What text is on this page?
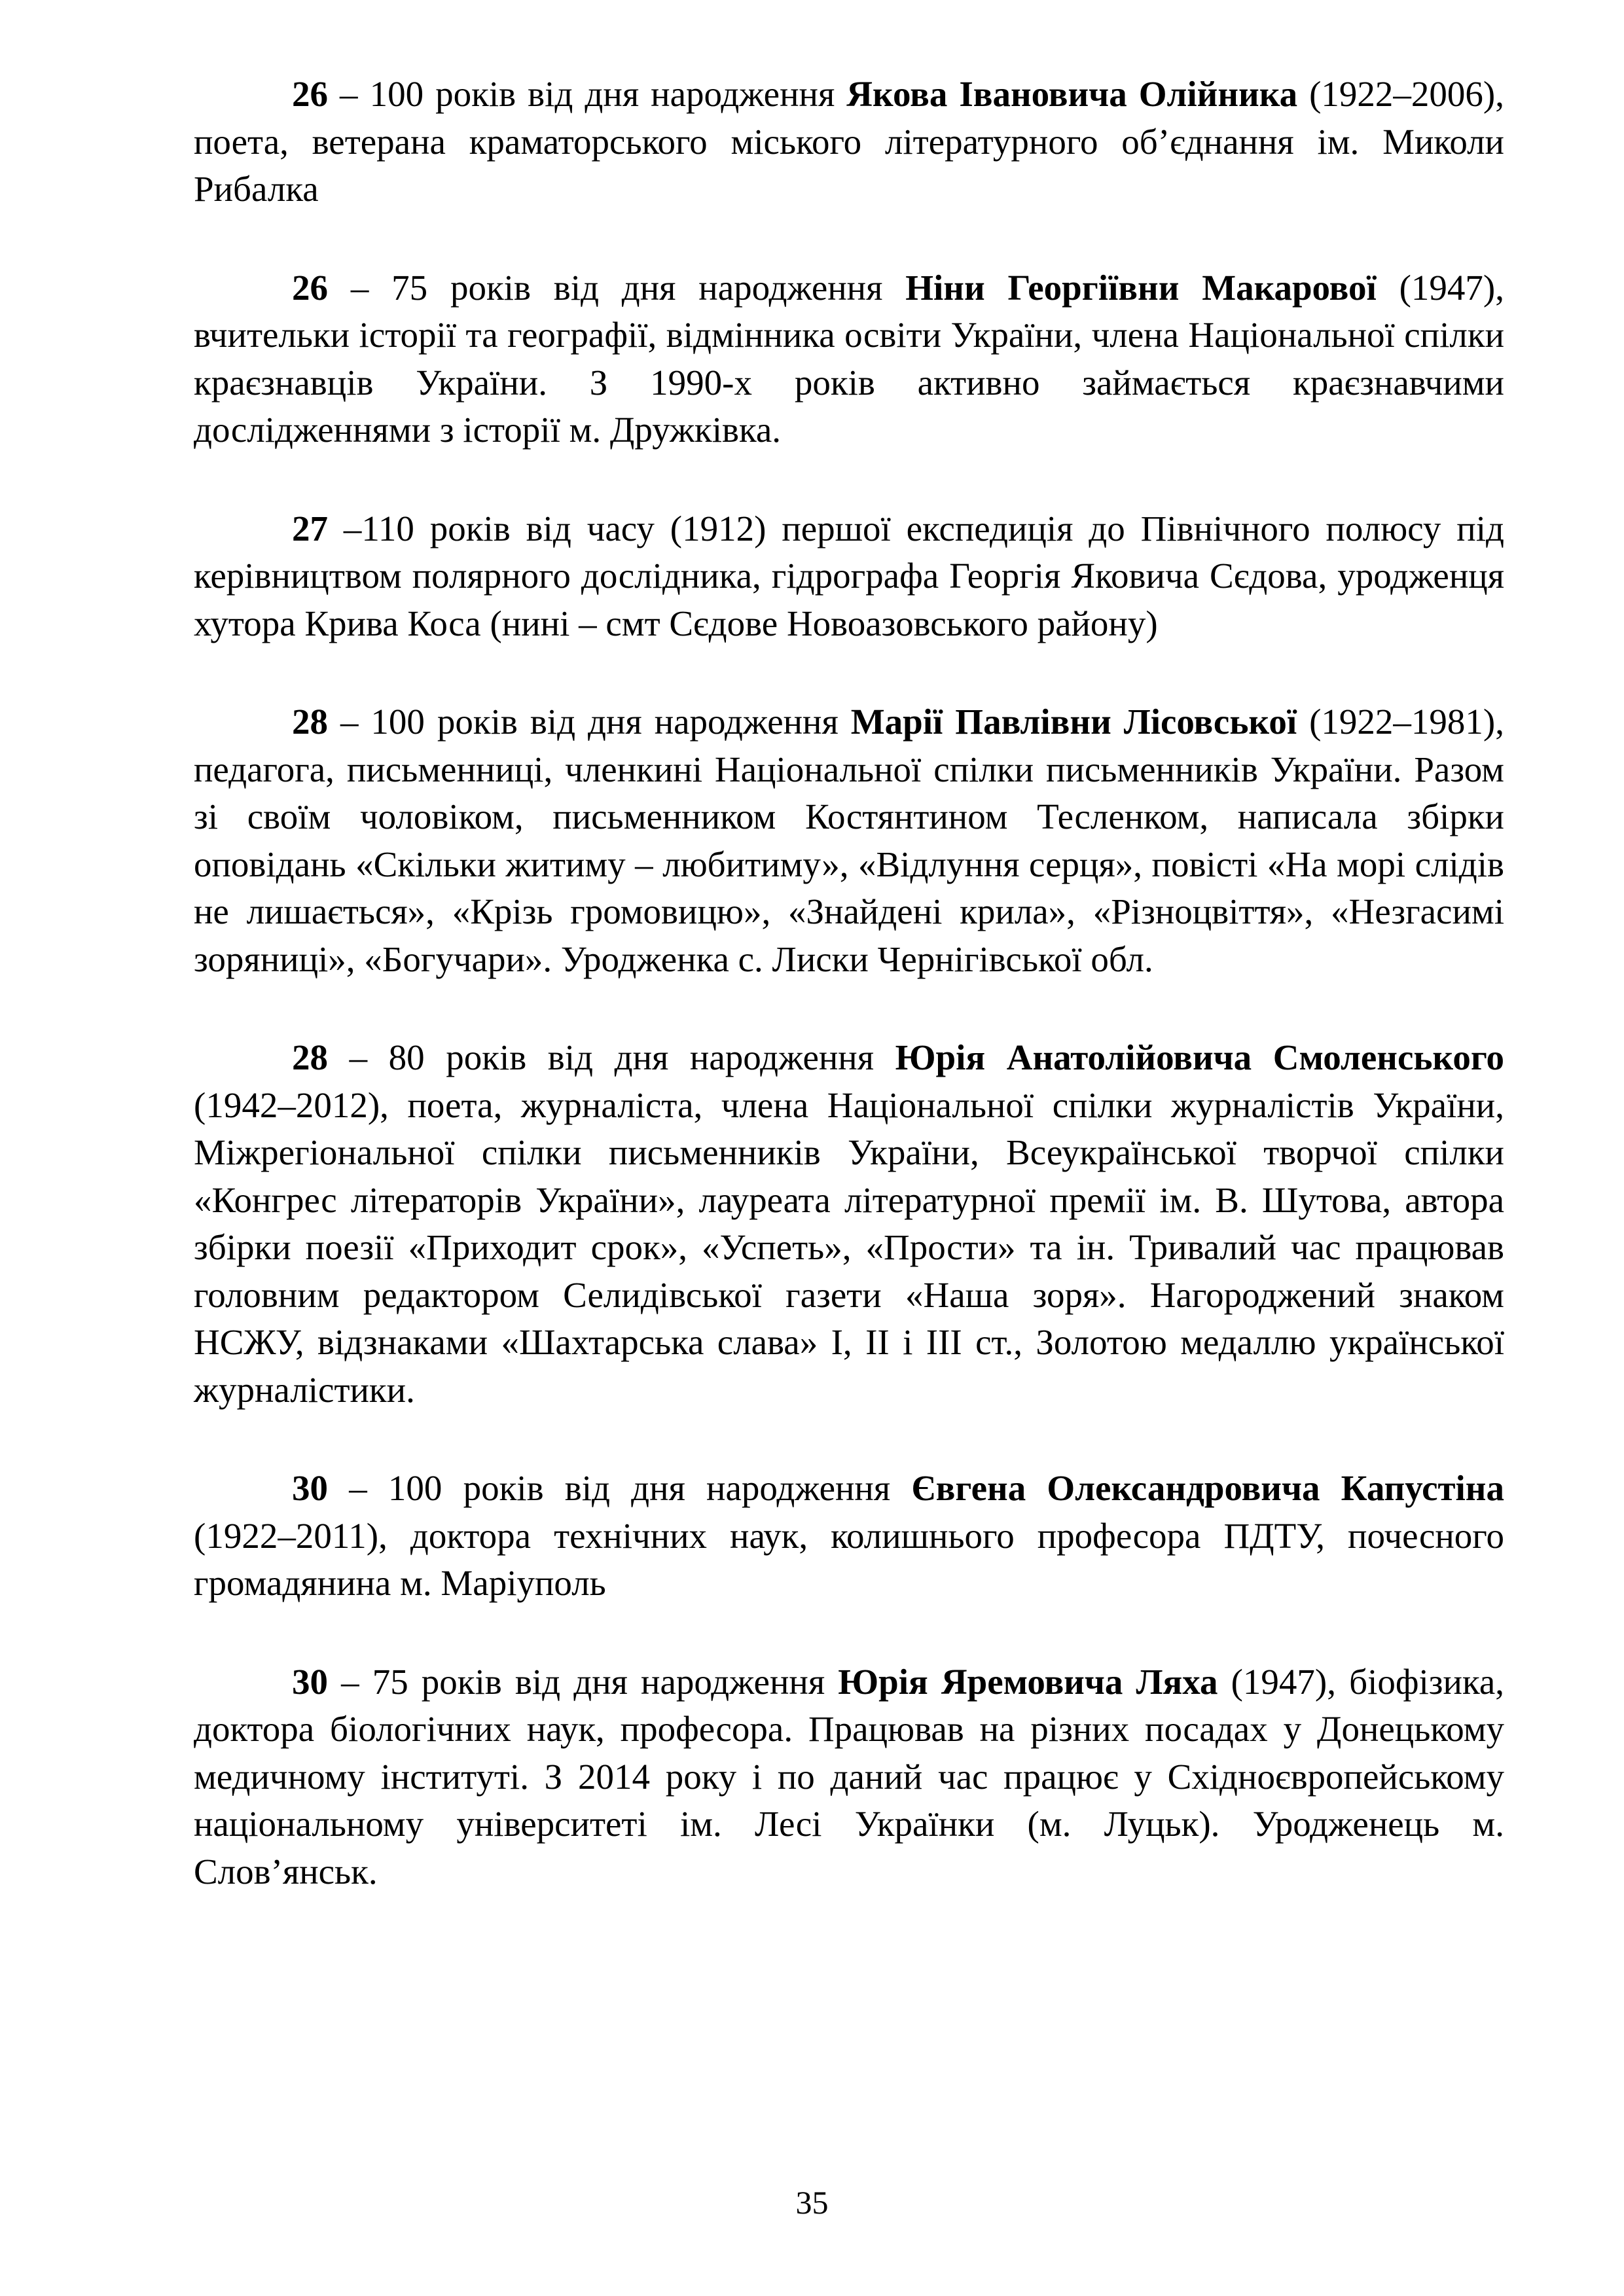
26 – 100 років від дня народження Якова Івановича Олійника (1922–2006), поета, ветерана краматорського міського літературного об’єднання ім. Миколи Рибалка

26 – 75 років від дня народження Ніни Георгіївни Макарової (1947), вчительки історії та географії, відмінника освіти України, члена Національної спілки краєзнавців України. З 1990-х років активно займається краєзнавчими дослідженнями з історії м. Дружківка.

27 –110 років від часу (1912) першої експедиція до Північного полюсу під керівництвом полярного дослідника, гідрографа Георгія Яковича Сєдова, уродженця хутора Крива Коса (нині – смт Сєдове Новоазовського району)

28 – 100 років від дня народження Марії Павлівни Лісовської (1922–1981), педагога, письменниці, членкині Національної спілки письменників України. Разом зі своїм чоловіком, письменником Костянтином Тесленком, написала збірки оповідань «Скільки житиму – любитиму», «Відлуння серця», повісті «На морі слідів не лишається», «Крізь громовицю», «Знайдені крила», «Різноцвіття», «Незгасимі зоряниці», «Богучари». Уродженка с. Лиски Чернігівської обл.

28 – 80 років від дня народження Юрія Анатолійовича Смоленського (1942–2012), поета, журналіста, члена Національної спілки журналістів України, Міжрегіональної спілки письменників України, Всеукраїнської творчої спілки «Конгрес літераторів України», лауреата літературної премії ім. В. Шутова, автора збірки поезії «Приходит срок», «Успеть», «Прости» та ін. Тривалий час працював головним редактором Селидівської газети «Наша зоря». Нагороджений знаком НСЖУ, відзнаками «Шахтарська слава» І, ІІ і ІІІ ст., Золотою медаллю української журналістики.

30 – 100 років від дня народження Євгена Олександровича Капустіна (1922–2011), доктора технічних наук, колишнього професора ПДТУ, почесного громадянина м. Маріуполь

30 – 75 років від дня народження Юрія Яремовича Ляха (1947), біофізика, доктора біологічних наук, професора. Працював на різних посадах у Донецькому медичному інституті. З 2014 року і по даний час працює у Східноєвропейському національному університеті ім. Лесі Українки (м. Луцьк). Уродженець м. Слов’янськ.

35
